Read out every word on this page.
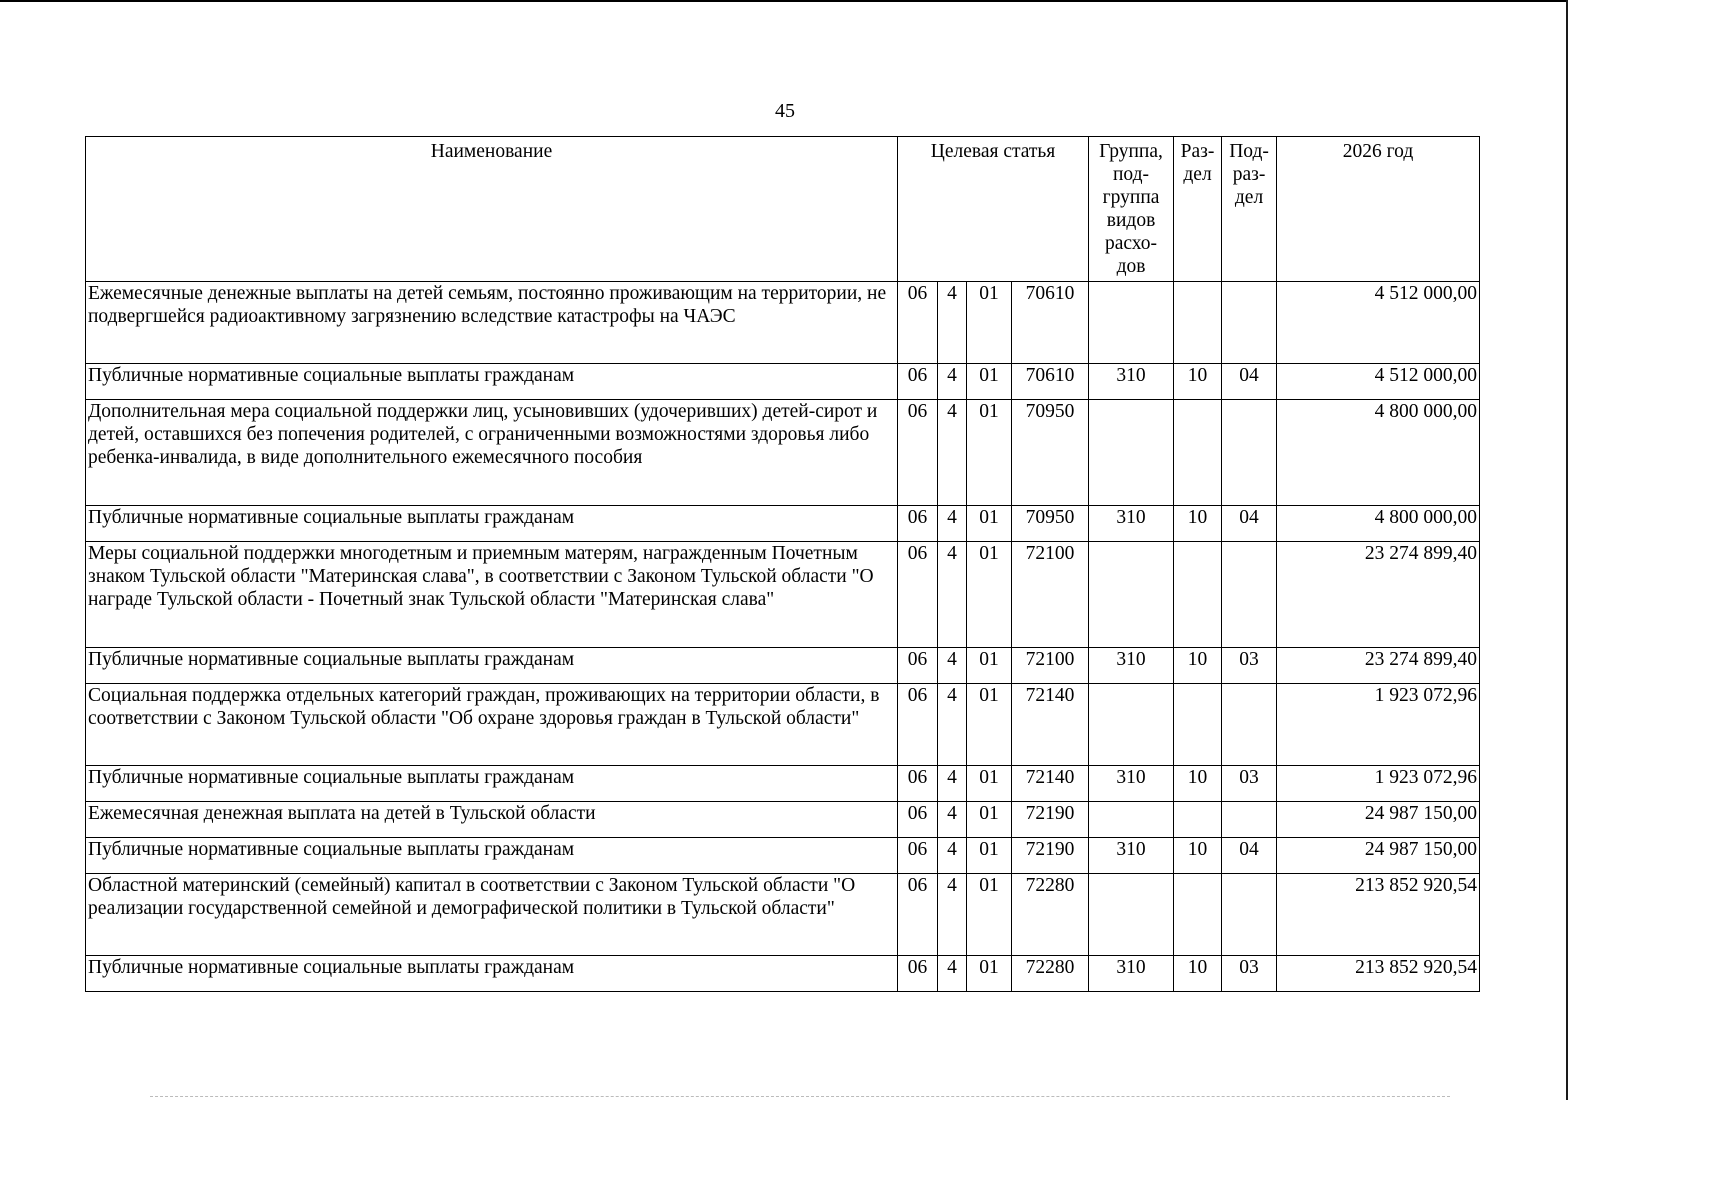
45
Наименование	Целевая статья				Группа, под- группа видов расхо- дов	Раз- дел	Под- раз- дел	2026 год
Ежемесячные денежные выплаты на детей семьям, постоянно проживающим на территории, не подвергшейся радиоактивному загрязнению вследствие катастрофы на ЧАЭС	06	4	01	70610				4 512 000,00
Публичные нормативные социальные выплаты гражданам	06	4	01	70610	310	10	04	4 512 000,00
Дополнительная мера социальной поддержки лиц, усыновивших (удочеривших) детей-сирот и детей, оставшихся без попечения родителей, с ограниченными возможностями здоровья либо ребенка-инвалида, в виде дополнительного ежемесячного пособия	06	4	01	70950				4 800 000,00
Публичные нормативные социальные выплаты гражданам	06	4	01	70950	310	10	04	4 800 000,00
Меры социальной поддержки многодетным и приемным матерям, награжденным Почетным знаком Тульской области "Материнская слава", в соответствии с Законом Тульской области "О награде Тульской области - Почетный знак Тульской области "Материнская слава"	06	4	01	72100				23 274 899,40
Публичные нормативные социальные выплаты гражданам	06	4	01	72100	310	10	03	23 274 899,40
Социальная поддержка отдельных категорий граждан, проживающих на территории области, в соответствии с Законом Тульской области "Об охране здоровья граждан в Тульской области"	06	4	01	72140				1 923 072,96
Публичные нормативные социальные выплаты гражданам	06	4	01	72140	310	10	03	1 923 072,96
Ежемесячная денежная выплата на детей в Тульской области	06	4	01	72190				24 987 150,00
Публичные нормативные социальные выплаты гражданам	06	4	01	72190	310	10	04	24 987 150,00
Областной материнский (семейный) капитал в соответствии с Законом Тульской области "О реализации государственной семейной и демографической политики в Тульской области"	06	4	01	72280				213 852 920,54
Публичные нормативные социальные выплаты гражданам	06	4	01	72280	310	10	03	213 852 920,54
